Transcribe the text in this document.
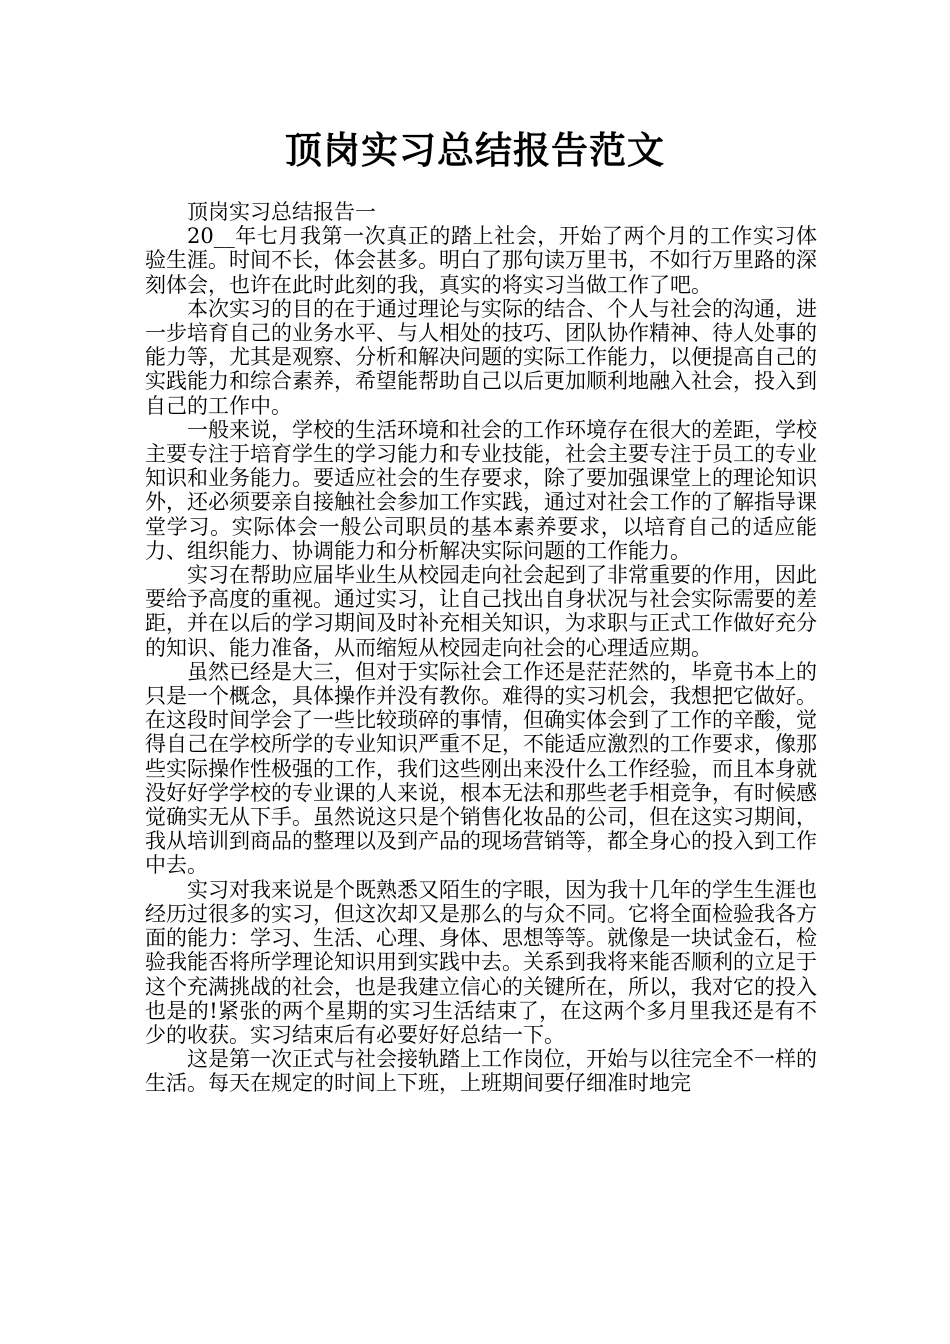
顶岗实习总结报告范文

顶岗实习总结报告一

20__年七月我第一次真正的踏上社会，开始了两个月的工作实习体验生涯。时间不长，体会甚多。明白了那句读万里书，不如行万里路的深刻体会，也许在此时此刻的我，真实的将实习当做工作了吧。

本次实习的目的在于通过理论与实际的结合、个人与社会的沟通，进一步培育自己的业务水平、与人相处的技巧、团队协作精神、待人处事的能力等，尤其是观察、分析和解决问题的实际工作能力，以便提高自己的实践能力和综合素养，希望能帮助自己以后更加顺利地融入社会，投入到自己的工作中。

一般来说，学校的生活环境和社会的工作环境存在很大的差距，学校主要专注于培育学生的学习能力和专业技能，社会主要专注于员工的专业知识和业务能力。要适应社会的生存要求，除了要加强课堂上的理论知识外，还必须要亲自接触社会参加工作实践，通过对社会工作的了解指导课堂学习。实际体会一般公司职员的基本素养要求，以培育自己的适应能力、组织能力、协调能力和分析解决实际问题的工作能力。

实习在帮助应届毕业生从校园走向社会起到了非常重要的作用，因此要给予高度的重视。通过实习，让自己找出自身状况与社会实际需要的差距，并在以后的学习期间及时补充相关知识，为求职与正式工作做好充分的知识、能力准备，从而缩短从校园走向社会的心理适应期。

虽然已经是大三，但对于实际社会工作还是茫茫然的，毕竟书本上的只是一个概念，具体操作并没有教你。难得的实习机会，我想把它做好。在这段时间学会了一些比较琐碎的事情，但确实体会到了工作的辛酸，觉得自己在学校所学的专业知识严重不足，不能适应激烈的工作要求，像那些实际操作性极强的工作，我们这些刚出来没什么工作经验，而且本身就没好好学学校的专业课的人来说，根本无法和那些老手相竞争，有时候感觉确实无从下手。虽然说这只是个销售化妆品的公司，但在这实习期间，我从培训到商品的整理以及到产品的现场营销等，都全身心的投入到工作中去。

实习对我来说是个既熟悉又陌生的字眼，因为我十几年的学生生涯也经历过很多的实习，但这次却又是那么的与众不同。它将全面检验我各方面的能力：学习、生活、心理、身体、思想等等。就像是一块试金石，检验我能否将所学理论知识用到实践中去。关系到我将来能否顺利的立足于这个充满挑战的社会，也是我建立信心的关键所在，所以，我对它的投入也是的!紧张的两个星期的实习生活结束了，在这两个多月里我还是有不少的收获。实习结束后有必要好好总结一下。

这是第一次正式与社会接轨踏上工作岗位，开始与以往完全不一样的生活。每天在规定的时间上下班，上班期间要仔细准时地完
